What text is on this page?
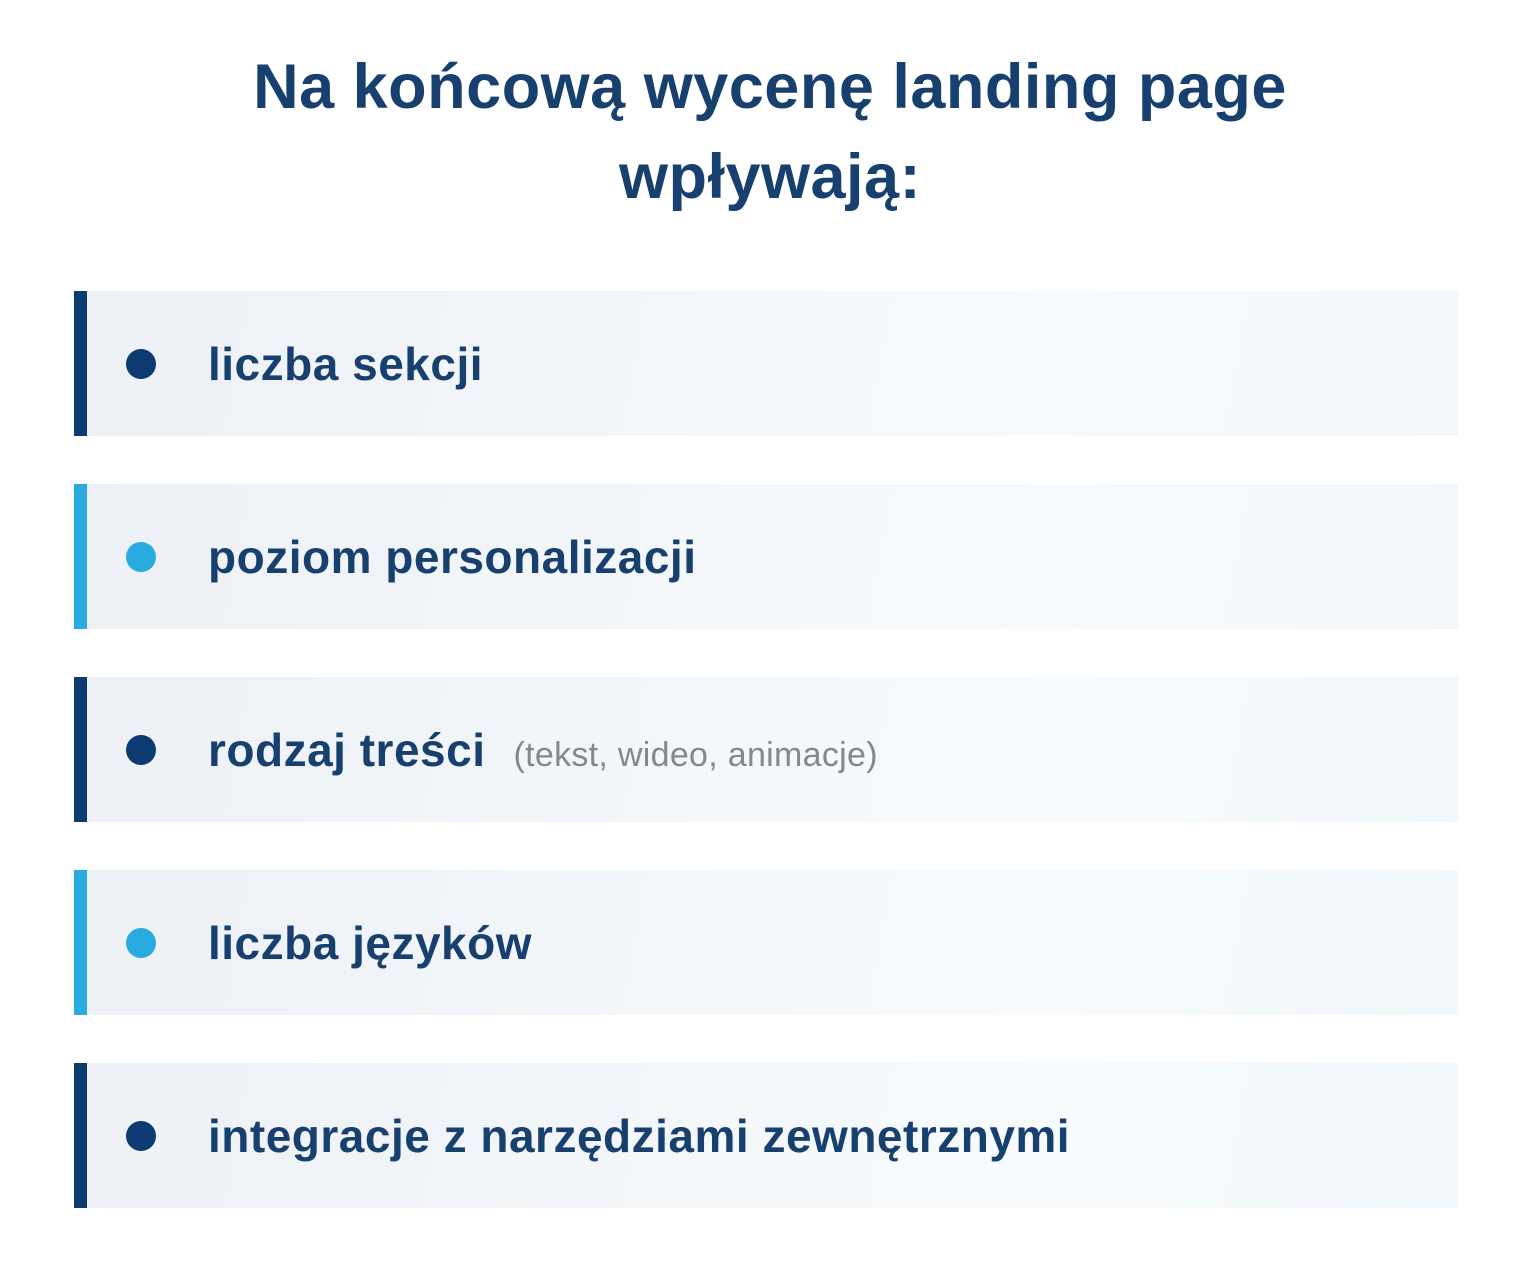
Na końcową wycenę landing page wpływają:
liczba sekcji
poziom personalizacji
rodzaj treści (tekst, wideo, animacje)
liczba języków
integracje z narzędziami zewnętrznymi
